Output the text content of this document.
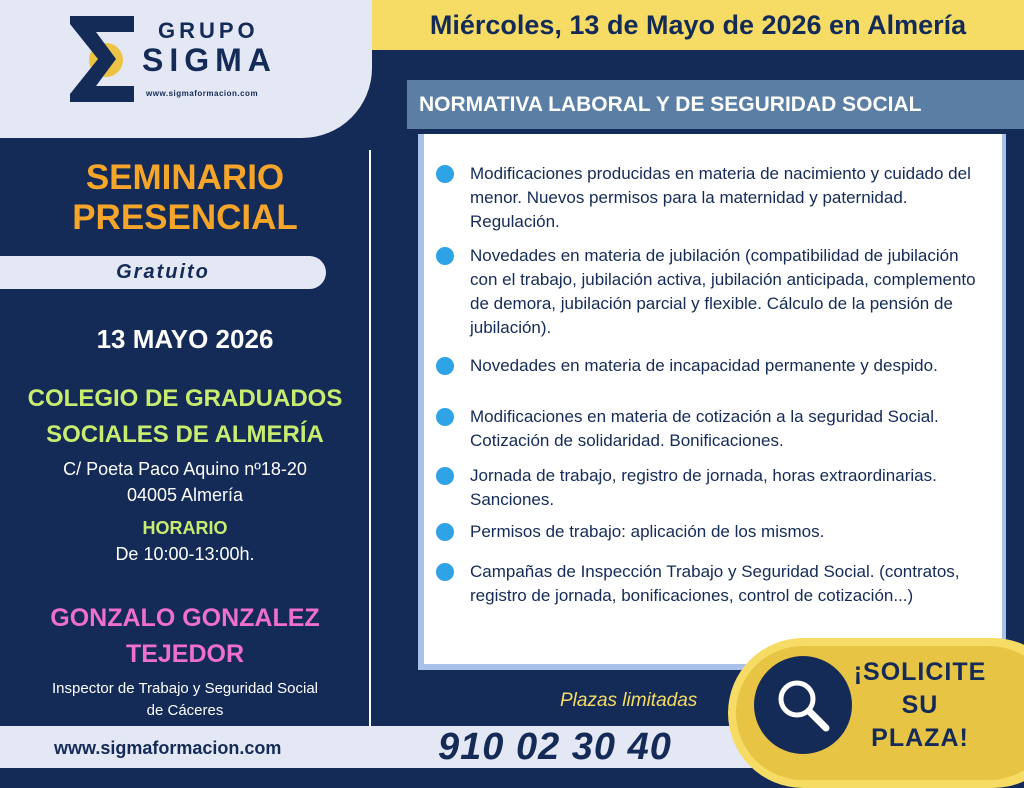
GRUPO
SIGMA
www.sigmaformacion.com
Miércoles, 13 de Mayo de 2026 en Almería
SEMINARIO
PRESENCIAL
Gratuito
13 MAYO 2026
COLEGIO DE GRADUADOS
SOCIALES DE ALMERÍA
C/ Poeta Paco Aquino nº18-20
04005 Almería
HORARIO
De 10:00-13:00h.
GONZALO GONZALEZ
TEJEDOR
Inspector de Trabajo y Seguridad Social
de Cáceres
NORMATIVA LABORAL Y DE SEGURIDAD SOCIAL
Modificaciones producidas en materia de nacimiento y cuidado del menor. Nuevos permisos para la maternidad y paternidad. Regulación.
Novedades en materia de jubilación (compatibilidad de jubilación con el trabajo, jubilación activa, jubilación anticipada, complemento de demora, jubilación parcial y flexible. Cálculo de la pensión de jubilación).
Novedades en materia de incapacidad permanente y despido.
Modificaciones en materia de cotización a la seguridad Social. Cotización de solidaridad. Bonificaciones.
Jornada de trabajo, registro de jornada, horas extraordinarias. Sanciones.
Permisos de trabajo: aplicación de los mismos.
Campañas de Inspección Trabajo y Seguridad Social. (contratos, registro de jornada, bonificaciones, control de cotización...)
www.sigmaformacion.com	910 02 30 40
Plazas limitadas
¡SOLICITE
SU
PLAZA!
